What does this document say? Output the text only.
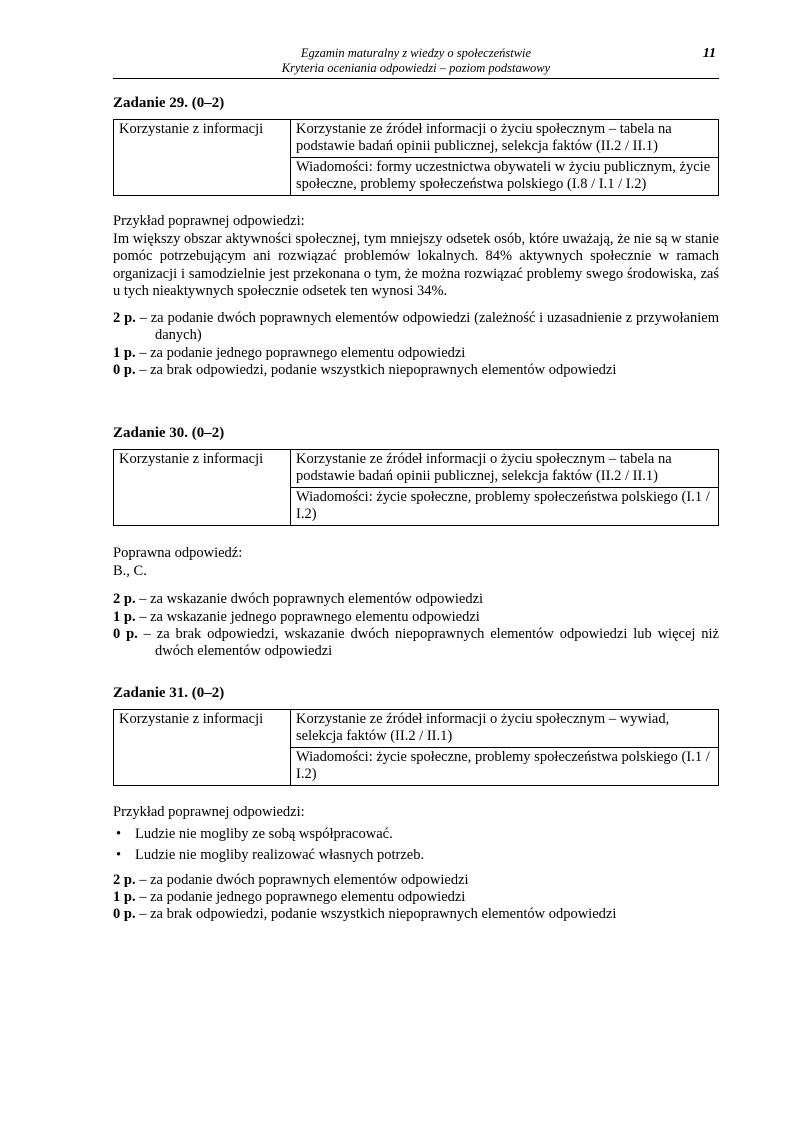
Egzamin maturalny z wiedzy o społeczeństwie
Kryteria oceniania odpowiedzi – poziom podstawowy
11
Zadanie 29. (0–2)
Korzystanie z informacji	Korzystanie ze źródeł informacji o życiu społecznym – tabela na podstawie badań opinii publicznej, selekcja faktów (II.2 / II.1)
Wiadomości: formy uczestnictwa obywateli w życiu publicznym, życie społeczne, problemy społeczeństwa polskiego (I.8 / I.1 / I.2)
Przykład poprawnej odpowiedzi:
Im większy obszar aktywności społecznej, tym mniejszy odsetek osób, które uważają, że nie są w stanie pomóc potrzebującym ani rozwiązać problemów lokalnych. 84% aktywnych społecznie w ramach organizacji i samodzielnie jest przekonana o tym, że można rozwiązać problemy swego środowiska, zaś u tych nieaktywnych społecznie odsetek ten wynosi 34%.
2 p. – za podanie dwóch poprawnych elementów odpowiedzi (zależność i uzasadnienie z przywołaniem danych)
1 p. – za podanie jednego poprawnego elementu odpowiedzi
0 p. – za brak odpowiedzi, podanie wszystkich niepoprawnych elementów odpowiedzi
Zadanie 30. (0–2)
Korzystanie z informacji	Korzystanie ze źródeł informacji o życiu społecznym – tabela na podstawie badań opinii publicznej, selekcja faktów (II.2 / II.1)
Wiadomości: życie społeczne, problemy społeczeństwa polskiego (I.1 / I.2)
Poprawna odpowiedź:
B., C.
2 p. – za wskazanie dwóch poprawnych elementów odpowiedzi
1 p. – za wskazanie jednego poprawnego elementu odpowiedzi
0 p. – za brak odpowiedzi, wskazanie dwóch niepoprawnych elementów odpowiedzi lub więcej niż dwóch elementów odpowiedzi
Zadanie 31. (0–2)
Korzystanie z informacji	Korzystanie ze źródeł informacji o życiu społecznym – wywiad, selekcja faktów (II.2 / II.1)
Wiadomości: życie społeczne, problemy społeczeństwa polskiego (I.1 / I.2)
Przykład poprawnej odpowiedzi:
• Ludzie nie mogliby ze sobą współpracować.
• Ludzie nie mogliby realizować własnych potrzeb.
2 p. – za podanie dwóch poprawnych elementów odpowiedzi
1 p. – za podanie jednego poprawnego elementu odpowiedzi
0 p. – za brak odpowiedzi, podanie wszystkich niepoprawnych elementów odpowiedzi
